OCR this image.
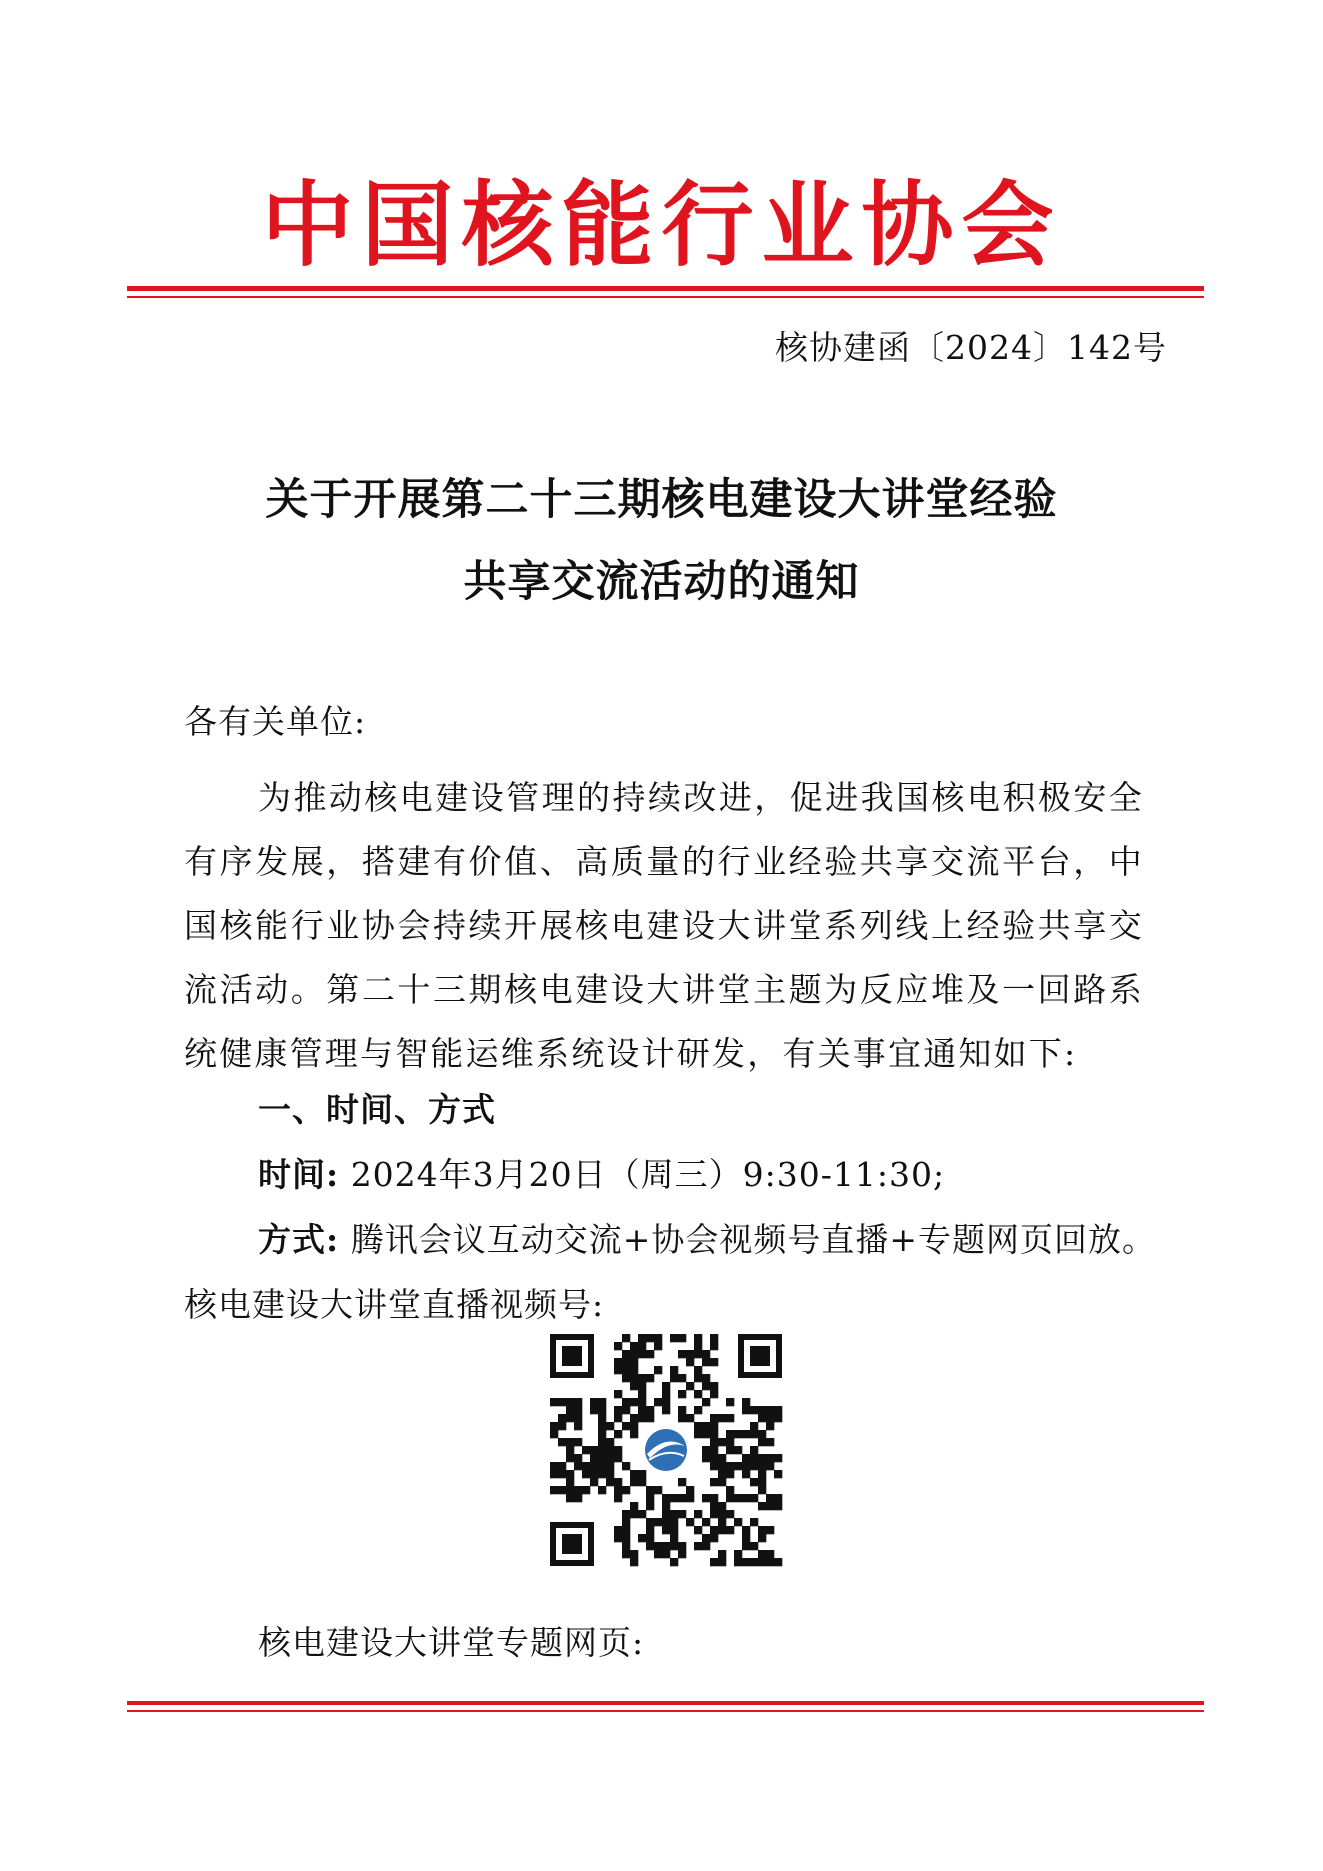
中国核能行业协会
核协建函〔2024〕142号
关于开展第二十三期核电建设大讲堂经验
共享交流活动的通知
各有关单位:
为推动核电建设管理的持续改进，促进我国核电积极安全有序发展，搭建有价值、高质量的行业经验共享交流平台，中国核能行业协会持续开展核电建设大讲堂系列线上经验共享交流活动。第二十三期核电建设大讲堂主题为反应堆及一回路系统健康管理与智能运维系统设计研发，有关事宜通知如下:
一、时间、方式
时间: 2024年3月20日（周三）9:30-11:30;
方式: 腾讯会议互动交流+协会视频号直播+专题网页回放。
核电建设大讲堂直播视频号:
核电建设大讲堂专题网页:
